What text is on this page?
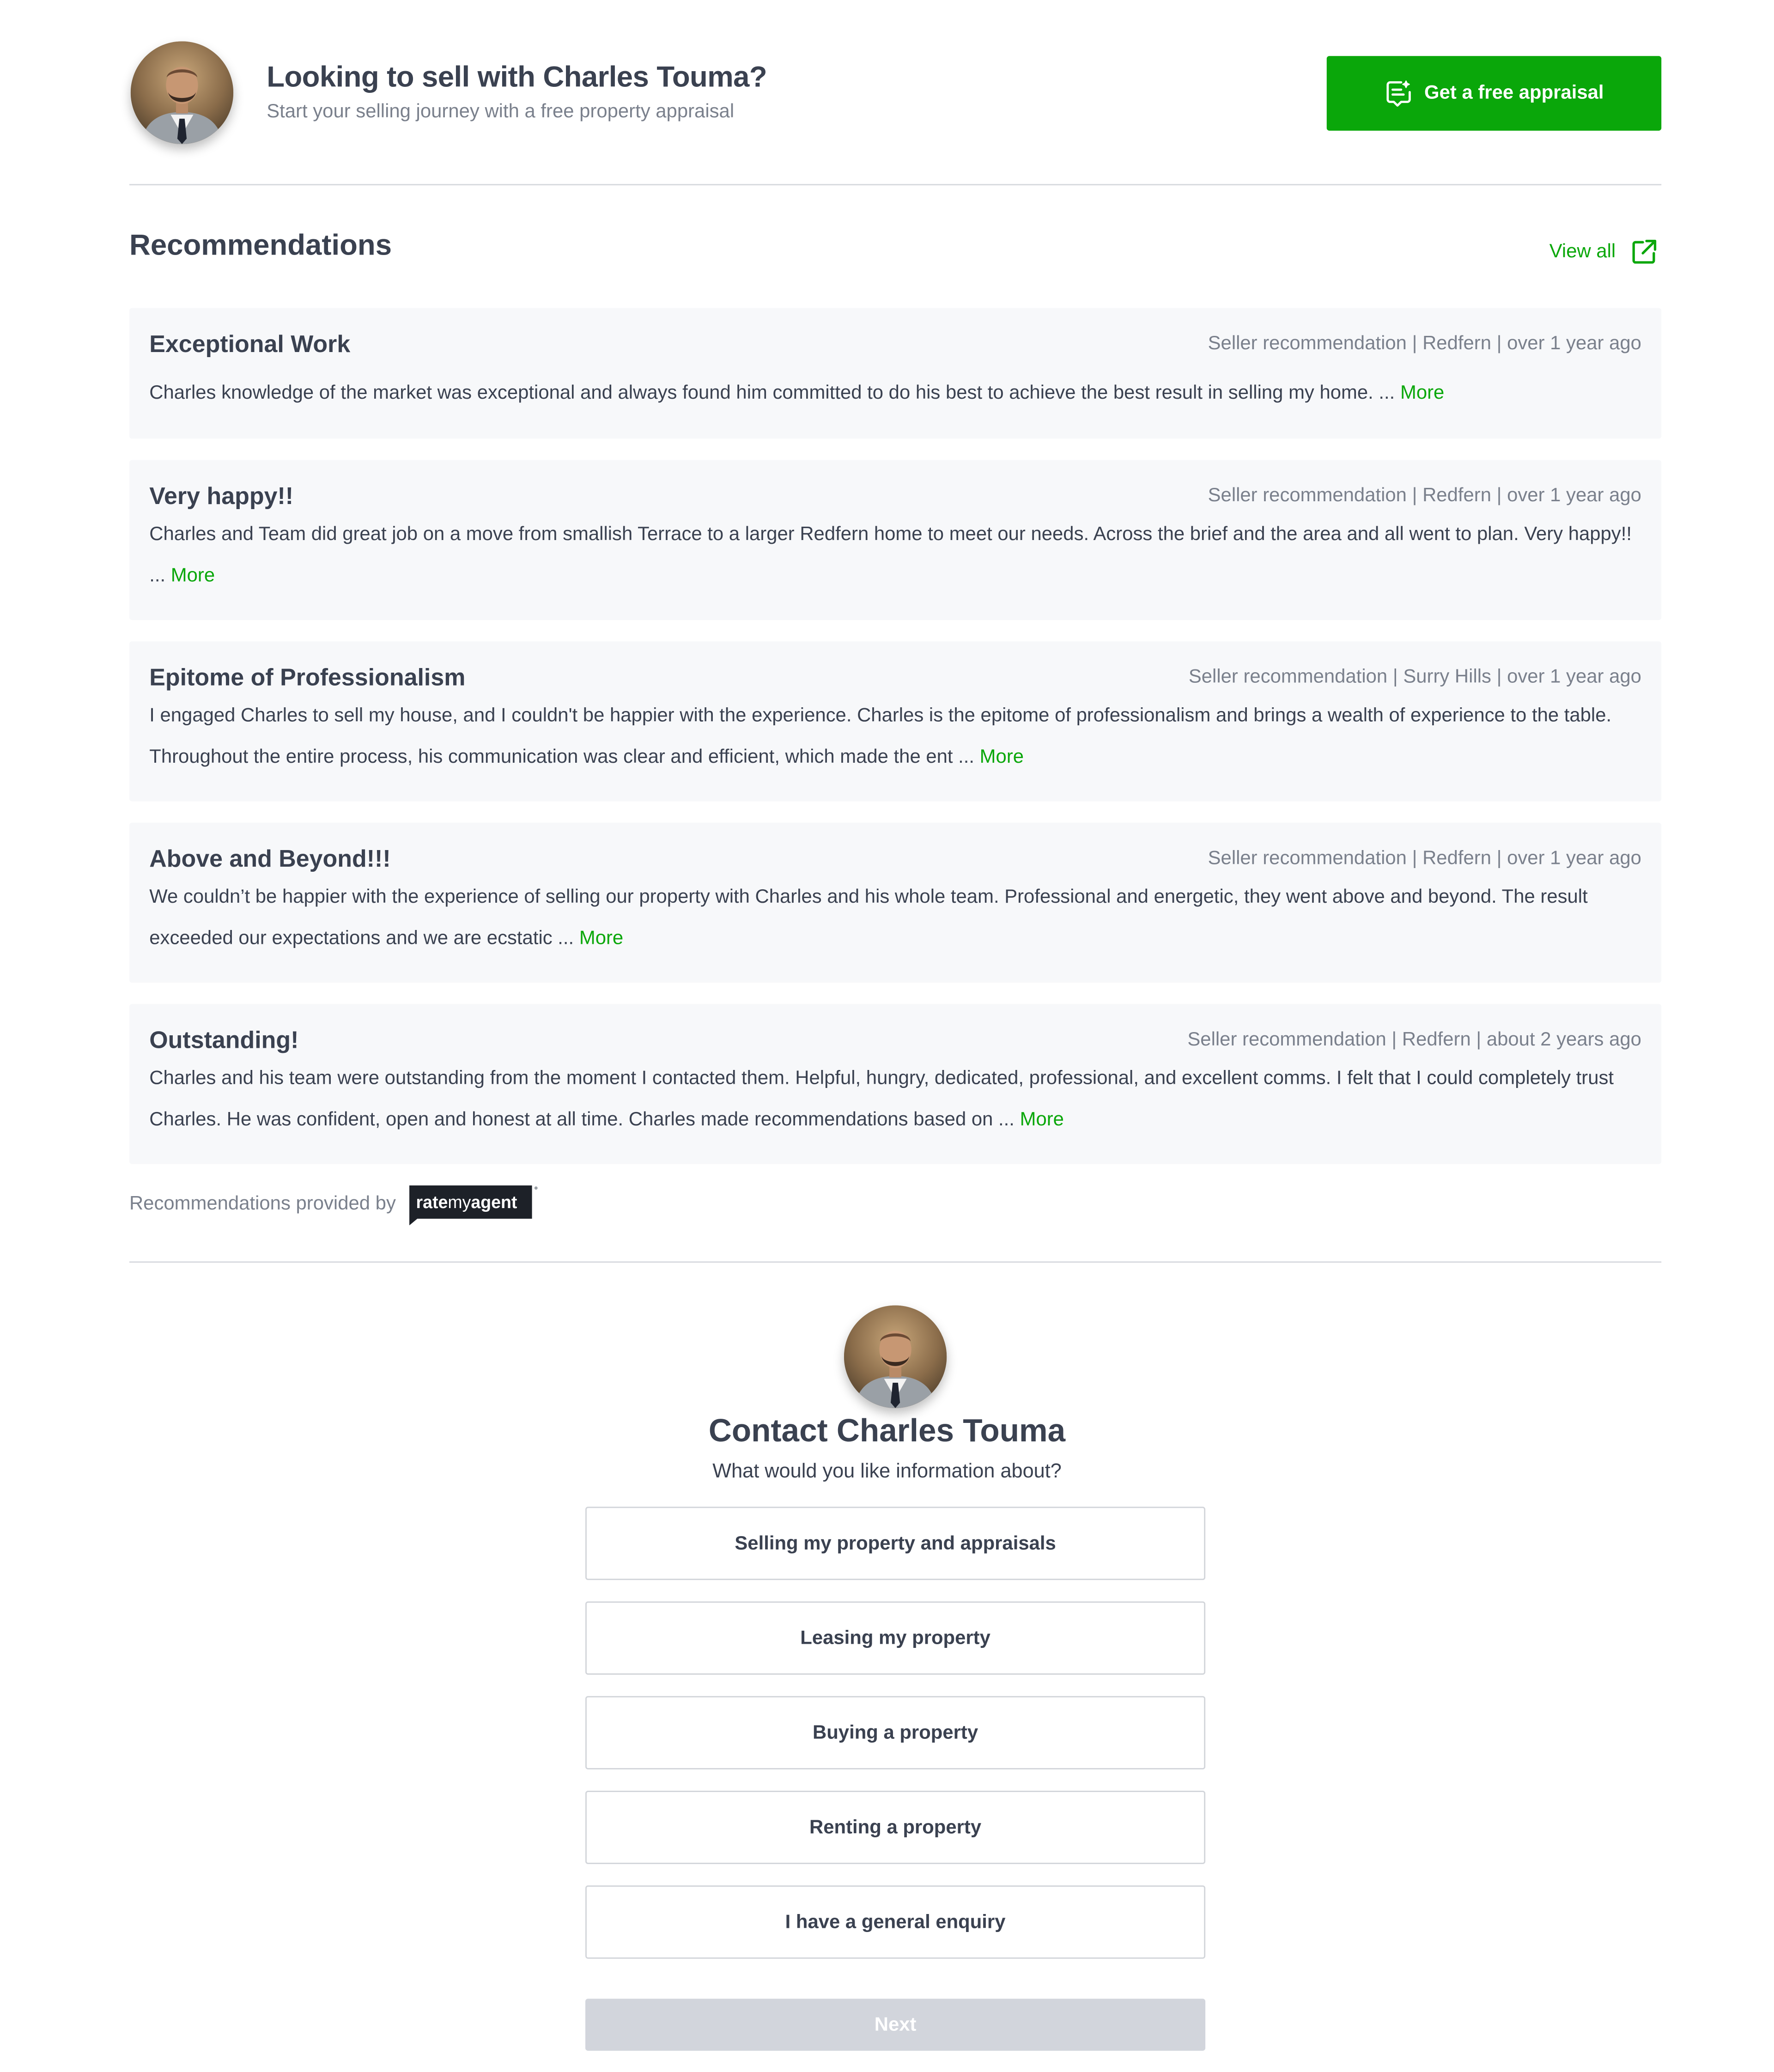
Looking to sell with Charles Touma?
Start your selling journey with a free property appraisal
Get a free appraisal
Recommendations	View all
Exceptional Work	Seller recommendation | Redfern | over 1 year ago
Charles knowledge of the market was exceptional and always found him committed to do his best to achieve the best result in selling my home. ... More
Very happy!!	Seller recommendation | Redfern | over 1 year ago
Charles and Team did great job on a move from smallish Terrace to a larger Redfern home to meet our needs. Across the brief and the area and all went to plan. Very happy!! ... More
Epitome of Professionalism	Seller recommendation | Surry Hills | over 1 year ago
I engaged Charles to sell my house, and I couldn't be happier with the experience. Charles is the epitome of professionalism and brings a wealth of experience to the table. Throughout the entire process, his communication was clear and efficient, which made the ent ... More
Above and Beyond!!!	Seller recommendation | Redfern | over 1 year ago
We couldn’t be happier with the experience of selling our property with Charles and his whole team. Professional and energetic, they went above and beyond. The result exceeded our expectations and we are ecstatic ... More
Outstanding!	Seller recommendation | Redfern | about 2 years ago
Charles and his team were outstanding from the moment I contacted them. Helpful, hungry, dedicated, professional, and excellent comms. I felt that I could completely trust Charles. He was confident, open and honest at all time. Charles made recommendations based on ... More
Recommendations provided by	ratemyagent
Contact Charles Touma
What would you like information about?
Selling my property and appraisals
Leasing my property
Buying a property
Renting a property
I have a general enquiry
Next
